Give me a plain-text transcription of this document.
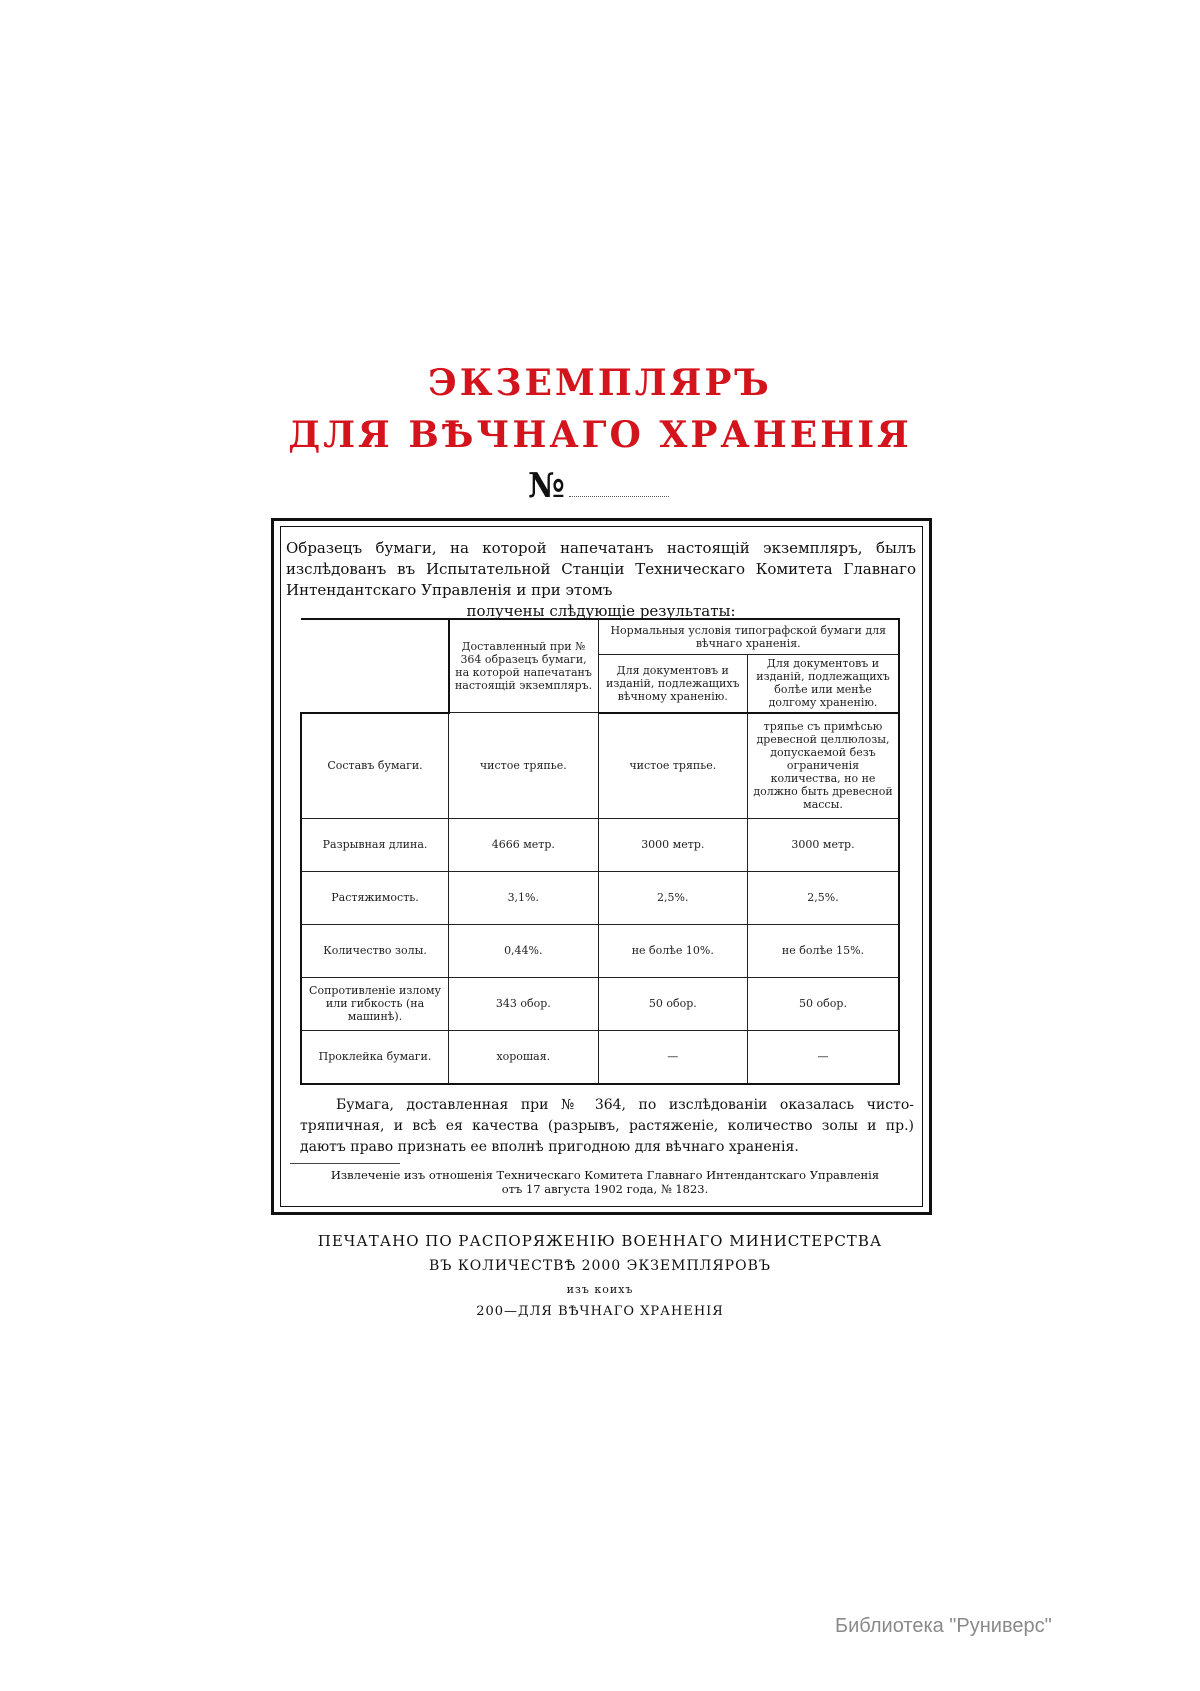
ЭКЗЕМПЛЯРЪ
ДЛЯ ВѢЧНАГО ХРАНЕНІЯ
№
Образецъ бумаги, на которой напечатанъ настоящій экземпляръ, былъ изслѣдованъ въ Испытательной Станціи Техническаго Комитета Главнаго Интендантскаго Управленія и при этомъ
получены слѣдующіе результаты:
	Доставленный при № 364 образецъ бумаги, на которой напечатанъ настоящій экземпляръ.	Нормальныя условія типографской бумаги для вѣчнаго храненія.	
		Для документовъ и изданій, подлежащихъ вѣчному храненію.	Для документовъ и изданій, подлежащихъ болѣе или менѣе долгому храненію.
Составъ бумаги.	чистое тряпье.	чистое тряпье.	тряпье съ примѣсью древесной целлюлозы, допускаемой безъ ограниченія количества, но не должно быть древесной массы.
Разрывная длина.	4666 метр.	3000 метр.	3000 метр.
Растяжимость.	3,1%.	2,5%.	2,5%.
Количество золы.	0,44%.	не болѣе 10%.	не болѣе 15%.
Сопротивленіе излому или гибкость (на машинѣ).	343 обор.	50 обор.	50 обор.
Проклейка бумаги.	хорошая.	—	—
Бумага, доставленная при № 364, по изслѣдованіи оказалась чисто-тряпичная, и всѣ ея качества (разрывъ, растяженіе, количество золы и пр.) даютъ право признать ее вполнѣ пригодною для вѣчнаго храненія.
Извлеченіе изъ отношенія Техническаго Комитета Главнаго Интендантскаго Управленія
отъ 17 августа 1902 года, № 1823.
ПЕЧАТАНО ПО РАСПОРЯЖЕНІЮ ВОЕННАГО МИНИСТЕРСТВА
ВЪ КОЛИЧЕСТВѢ 2000 ЭКЗЕМПЛЯРОВЪ
изъ коихъ
200—ДЛЯ ВѢЧНАГО ХРАНЕНІЯ
Библиотека "Руниверс"
